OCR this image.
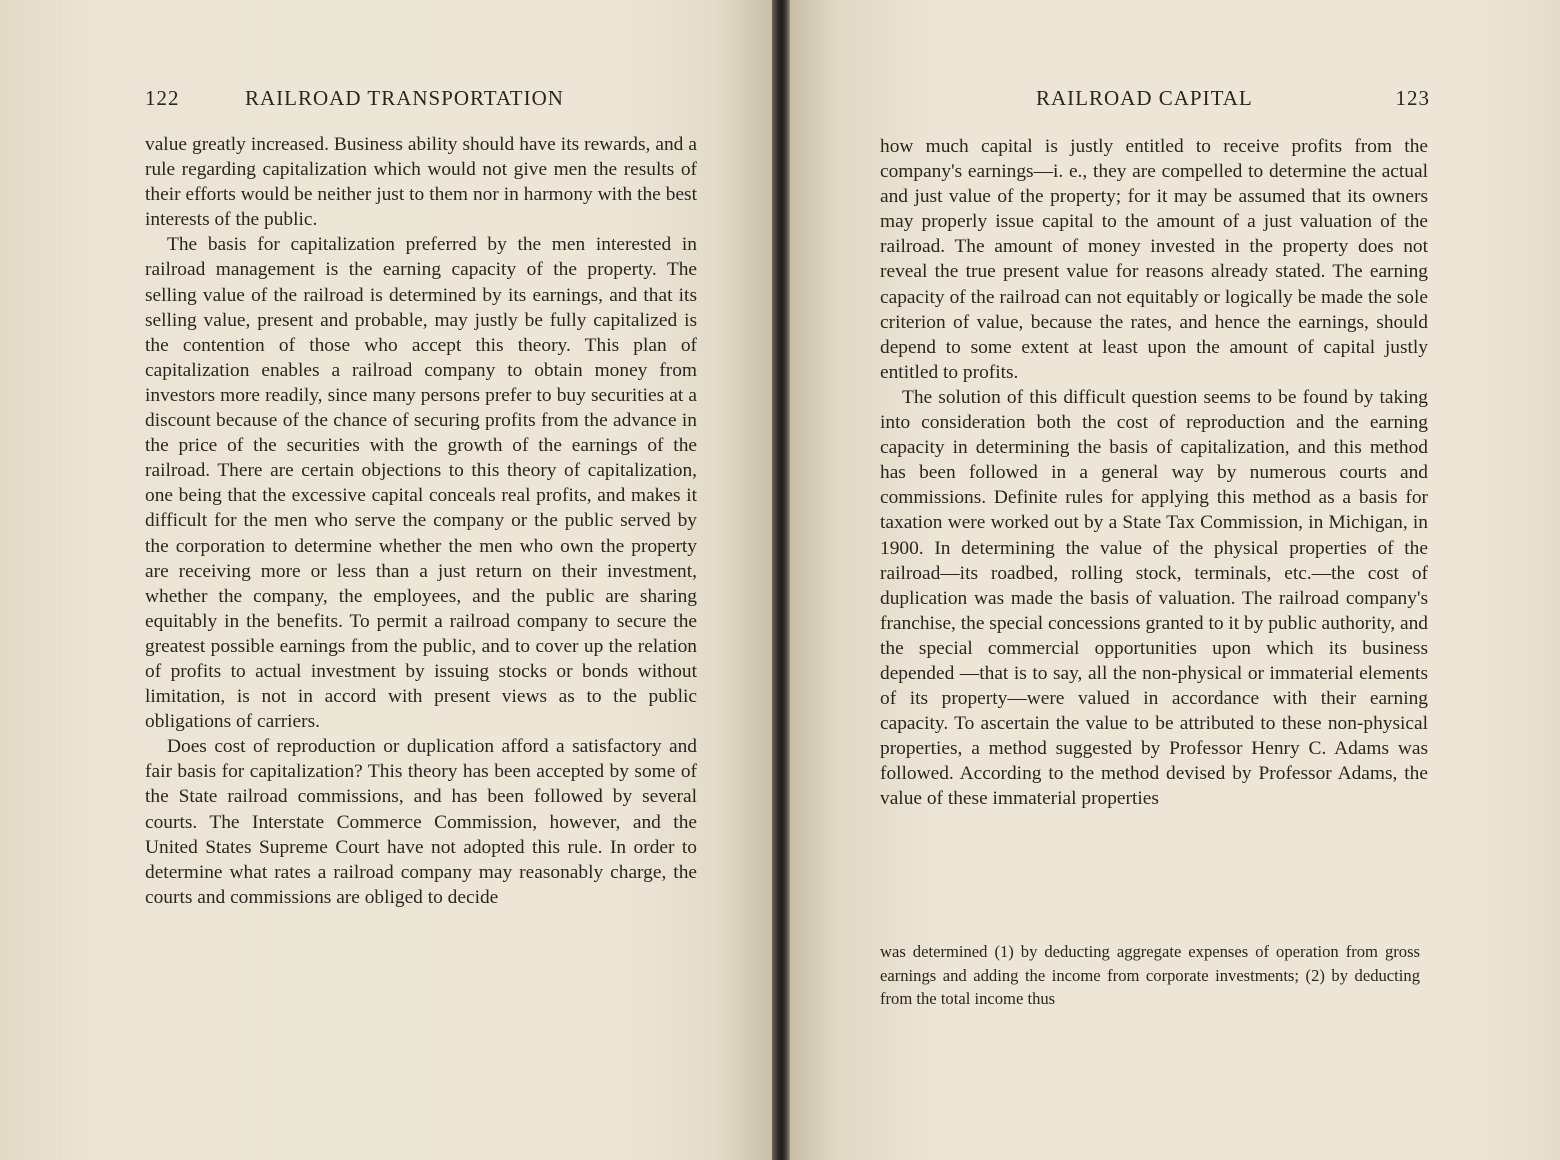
122	RAILROAD TRANSPORTATION

value greatly increased. Business ability should have its rewards, and a rule regarding capitalization which would not give men the results of their efforts would be neither just to them nor in harmony with the best interests of the public.

The basis for capitalization preferred by the men interested in railroad management is the earning capacity of the property. The selling value of the railroad is determined by its earnings, and that its selling value, present and probable, may justly be fully capitalized is the contention of those who accept this theory. This plan of capitalization enables a railroad company to obtain money from investors more readily, since many persons prefer to buy securities at a discount because of the chance of securing profits from the advance in the price of the securities with the growth of the earnings of the railroad. There are certain objections to this theory of capitalization, one being that the excessive capital conceals real profits, and makes it difficult for the men who serve the company or the public served by the corporation to determine whether the men who own the property are receiving more or less than a just return on their investment, whether the company, the employees, and the public are sharing equitably in the benefits. To permit a railroad company to secure the greatest possible earnings from the public, and to cover up the relation of profits to actual investment by issuing stocks or bonds without limitation, is not in accord with present views as to the public obligations of carriers.

Does cost of reproduction or duplication afford a satisfactory and fair basis for capitalization? This theory has been accepted by some of the State railroad commissions, and has been followed by several courts. The Interstate Commerce Commission, however, and the United States Supreme Court have not adopted this rule. In order to determine what rates a railroad company may reasonably charge, the courts and commissions are obliged to decide

RAILROAD CAPITAL	123

how much capital is justly entitled to receive profits from the company's earnings—i. e., they are compelled to determine the actual and just value of the property; for it may be assumed that its owners may properly issue capital to the amount of a just valuation of the railroad. The amount of money invested in the property does not reveal the true present value for reasons already stated. The earning capacity of the railroad can not equitably or logically be made the sole criterion of value, because the rates, and hence the earnings, should depend to some extent at least upon the amount of capital justly entitled to profits.

The solution of this difficult question seems to be found by taking into consideration both the cost of reproduction and the earning capacity in determining the basis of capitalization, and this method has been followed in a general way by numerous courts and commissions. Definite rules for applying this method as a basis for taxation were worked out by a State Tax Commission, in Michigan, in 1900. In determining the value of the physical properties of the railroad—its roadbed, rolling stock, terminals, etc.—the cost of duplication was made the basis of valuation. The railroad company's franchise, the special concessions granted to it by public authority, and the special commercial opportunities upon which its business depended —that is to say, all the non-physical or immaterial elements of its property—were valued in accordance with their earning capacity. To ascertain the value to be attributed to these non-physical properties, a method suggested by Professor Henry C. Adams was followed. According to the method devised by Professor Adams, the value of these immaterial properties

was determined (1) by deducting aggregate expenses of operation from gross earnings and adding the income from corporate investments; (2) by deducting from the total income thus
